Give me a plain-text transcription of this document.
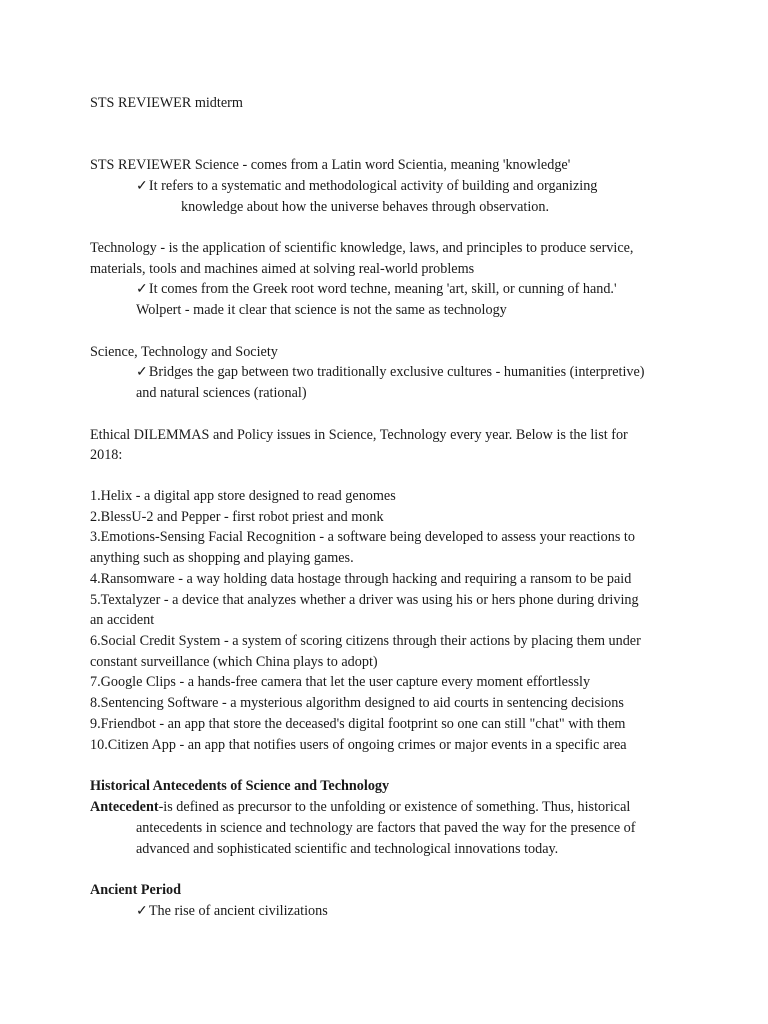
STS REVIEWER midterm
STS REVIEWER Science - comes from a Latin word Scientia, meaning 'knowledge'
✓It refers to a systematic and methodological activity of building and organizing
knowledge about how the universe behaves through observation.
Technology - is the application of scientific knowledge, laws, and principles to produce service,
materials, tools and machines aimed at solving real-world problems
✓It comes from the Greek root word techne, meaning 'art, skill, or cunning of hand.'
Wolpert - made it clear that science is not the same as technology
Science, Technology and Society
✓Bridges the gap between two traditionally exclusive cultures - humanities (interpretive)
and natural sciences (rational)
Ethical DILEMMAS and Policy issues in Science, Technology every year. Below is the list for
2018:
1.Helix - a digital app store designed to read genomes
2.BlessU-2 and Pepper - first robot priest and monk
3.Emotions-Sensing Facial Recognition - a software being developed to assess your reactions to
anything such as shopping and playing games.
4.Ransomware - a way holding data hostage through hacking and requiring a ransom to be paid
5.Textalyzer - a device that analyzes whether a driver was using his or hers phone during driving
an accident
6.Social Credit System - a system of scoring citizens through their actions by placing them under
constant surveillance (which China plays to adopt)
7.Google Clips - a hands-free camera that let the user capture every moment effortlessly
8.Sentencing Software - a mysterious algorithm designed to aid courts in sentencing decisions
9.Friendbot - an app that store the deceased's digital footprint so one can still "chat" with them
10.Citizen App - an app that notifies users of ongoing crimes or major events in a specific area
Historical Antecedents of Science and Technology
Antecedent-is defined as precursor to the unfolding or existence of something. Thus, historical
antecedents in science and technology are factors that paved the way for the presence of
advanced and sophisticated scientific and technological innovations today.
Ancient Period
✓The rise of ancient civilizations
